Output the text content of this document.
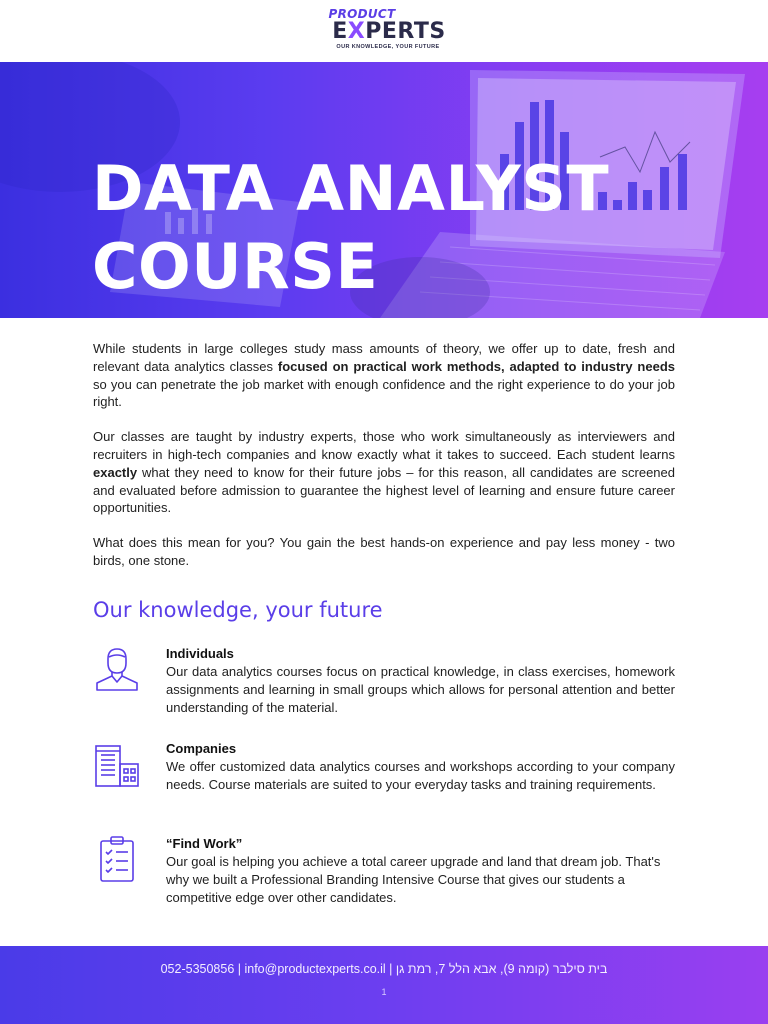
PRODUCT
EXPERTS
OUR KNOWLEDGE, YOUR FUTURE
DATA ANALYST
COURSE

While students in large colleges study mass amounts of theory, we offer up to date, fresh and relevant data analytics classes focused on practical work methods, adapted to industry needs so you can penetrate the job market with enough confidence and the right experience to do your job right.

Our classes are taught by industry experts, those who work simultaneously as interviewers and recruiters in high-tech companies and know exactly what it takes to succeed. Each student learns exactly what they need to know for their future jobs – for this reason, all candidates are screened and evaluated before admission to guarantee the highest level of learning and ensure future career opportunities.

What does this mean for you? You gain the best hands-on experience and pay less money - two birds, one stone.

Our knowledge, your future
Individuals
Our data analytics courses focus on practical knowledge, in class exercises, homework assignments and learning in small groups which allows for personal attention and better understanding of the material.
Companies
We offer customized data analytics courses and workshops according to your company needs. Course materials are suited to your everyday tasks and training requirements.
“Find Work”
Our goal is helping you achieve a total career upgrade and land that dream job. That's why we built a Professional Branding Intensive Course that gives our students a competitive edge over other candidates.
052-5350856 | info@productexperts.co.il | בית סילבר (קומה 9), אבא הלל 7, רמת גן
1
